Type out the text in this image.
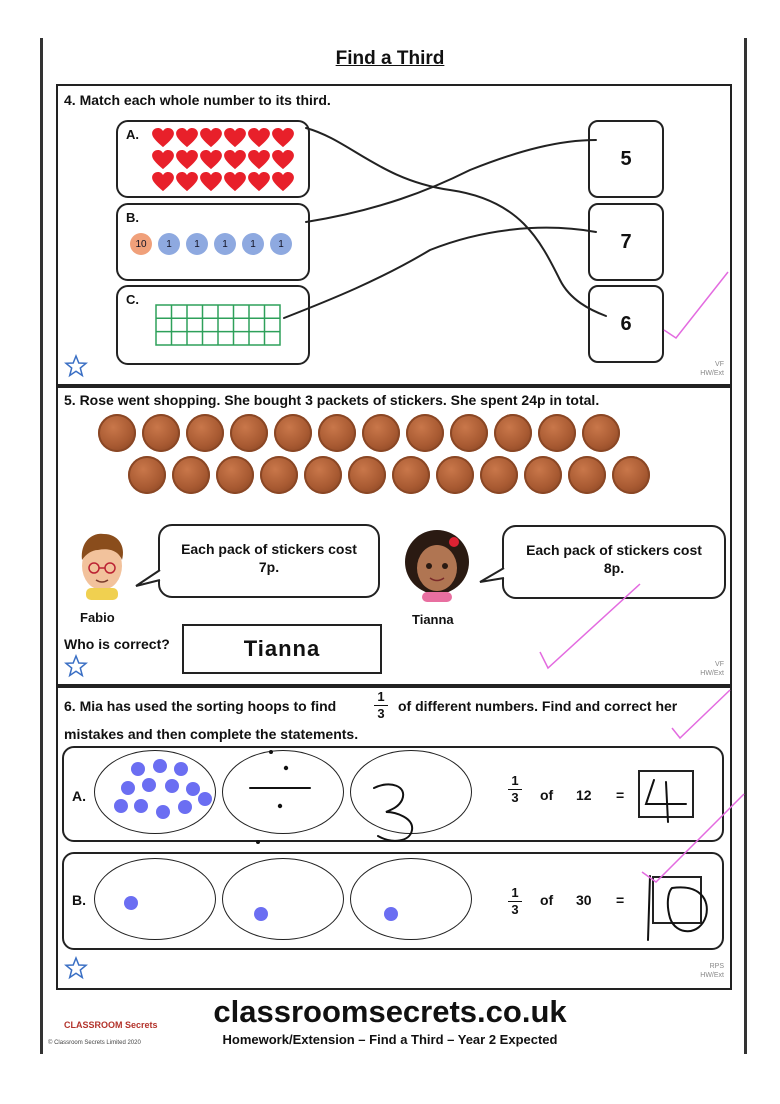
Find a Third
4. Match each whole number to its third.
A.
B.
10	1	1	1	1	1
C.
5
7
6
VF
HW/Ext
5. Rose went shopping. She bought 3 packets of stickers. She spent 24p in total.
Fabio
Each pack of stickers cost
7p.
Tianna
Each pack of stickers cost
8p.
Who is correct?	Tianna
VF
HW/Ext
6. Mia has used the sorting hoops to find
1
3 of different numbers. Find and correct her
mistakes and then complete the statements.
A.
1
3 of 12 =
B.	1
3
of 30 =
RPS
HW/Ext
CLASSROOM Secrets
© Classroom Secrets Limited 2020
classroomsecrets.co.uk
Homework/Extension – Find a Third – Year 2 Expected
